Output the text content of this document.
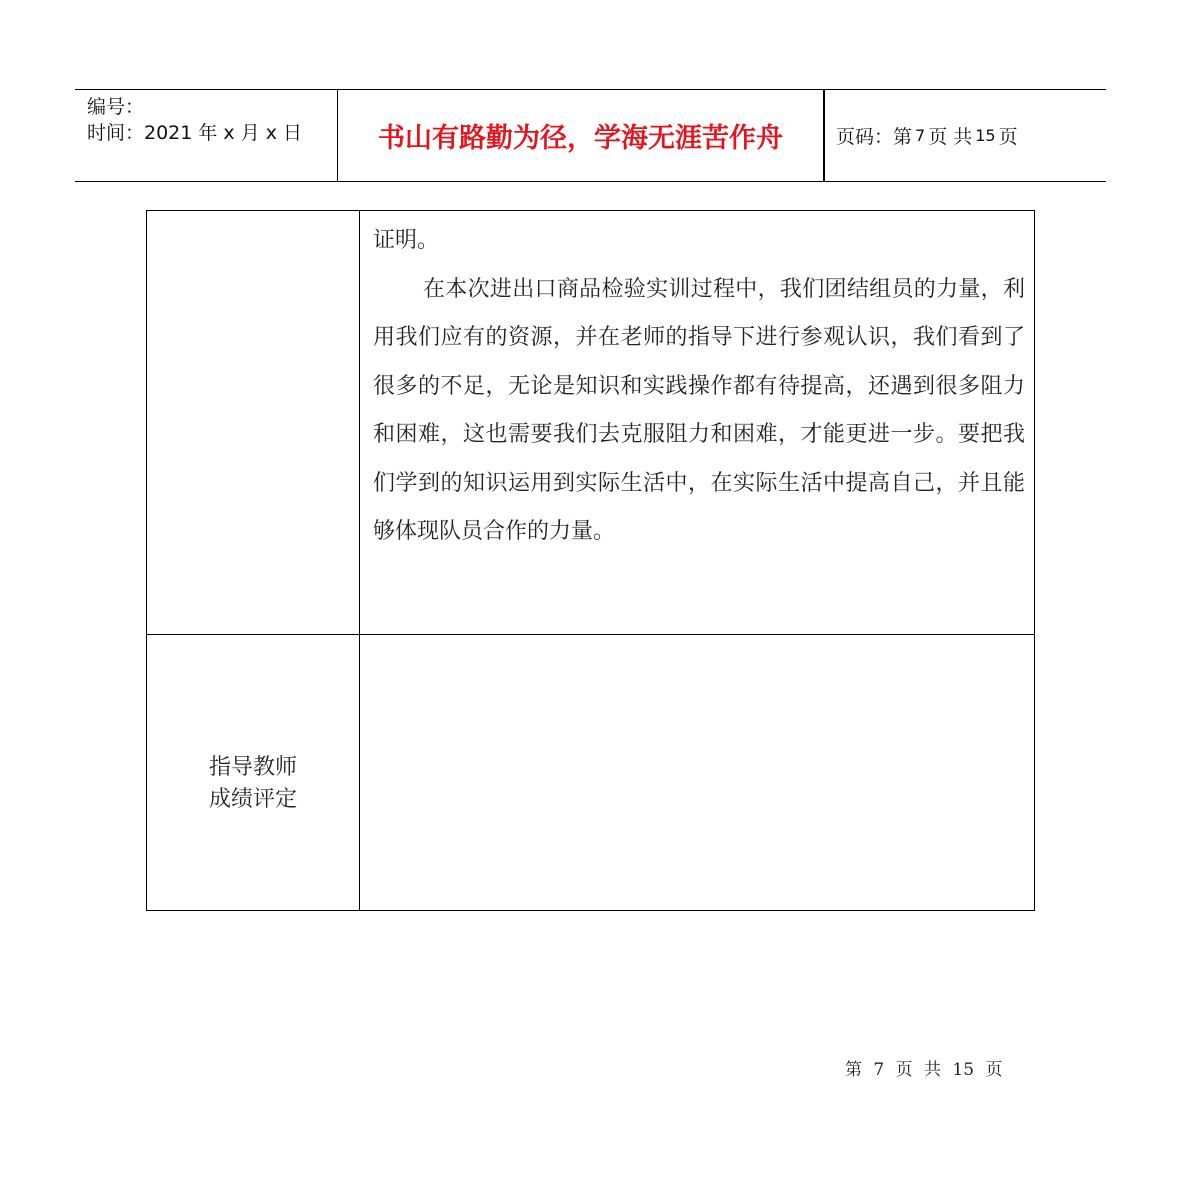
编号：
时间：2021 年 x 月 x 日	书山有路勤为径，学海无涯苦作舟	页码：第 7 页 共 15 页

证明。

在本次进出口商品检验实训过程中，我们团结组员的力量，利用我们应有的资源，并在老师的指导下进行参观认识，我们看到了很多的不足，无论是知识和实践操作都有待提高，还遇到很多阻力和困难，这也需要我们去克服阻力和困难，才能更进一步。要把我们学到的知识运用到实际生活中，在实际生活中提高自己，并且能够体现队员合作的力量。

指导教师
成绩评定
第 7 页 共 15 页
